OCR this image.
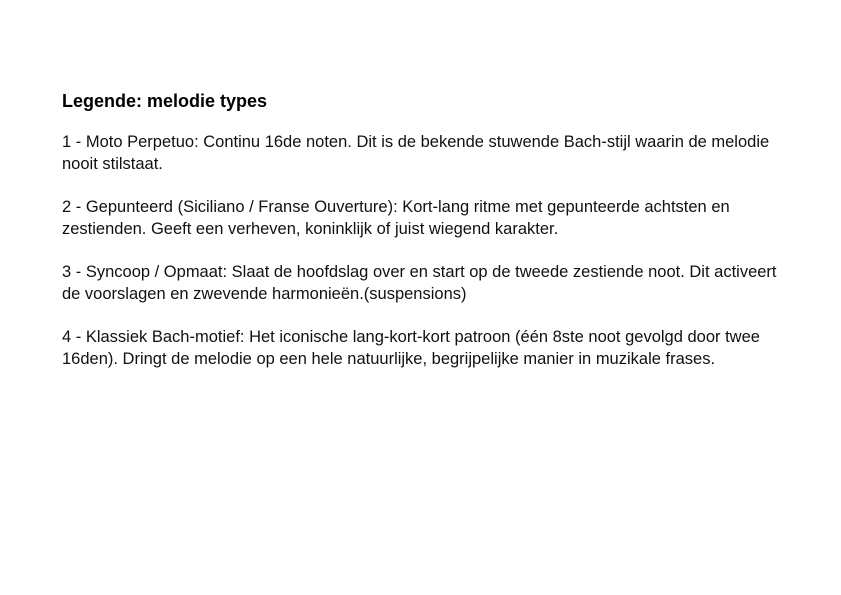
Legende: melodie types

1 - Moto Perpetuo: Continu 16de noten. Dit is de bekende stuwende Bach-stijl waarin de melodie nooit stilstaat.

2 - Gepunteerd (Siciliano / Franse Ouverture): Kort-lang ritme met gepunteerde achtsten en zestienden. Geeft een verheven, koninklijk of juist wiegend karakter.

3 - Syncoop / Opmaat: Slaat de hoofdslag over en start op de tweede zestiende noot. Dit activeert de voorslagen en zwevende harmonieën.(suspensions)

4 - Klassiek Bach-motief: Het iconische lang-kort-kort patroon (één 8ste noot gevolgd door twee 16den). Dringt de melodie op een hele natuurlijke, begrijpelijke manier in muzikale frases.
